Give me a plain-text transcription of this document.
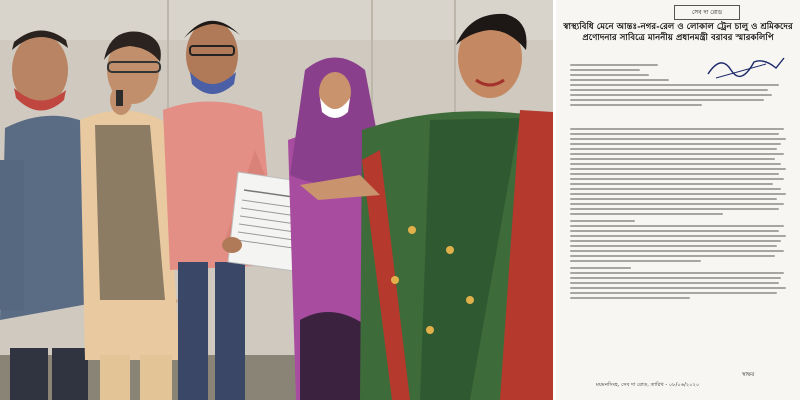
সেব দা রোড
স্বাস্থ্যবিধি মেনে আন্তঃ-নগর-রেল ও লোকাল ট্রেন চালু ও শ্রমিকদের প্রণোদনার সাবিত্রে মাননীয় প্রধানমন্ত্রী বরাবর স্মারকলিপি
স্বাক্ষর
ময়মনসিংহ, সেব দা রোড, তারিখ - ০৮/০৬/২০২০
